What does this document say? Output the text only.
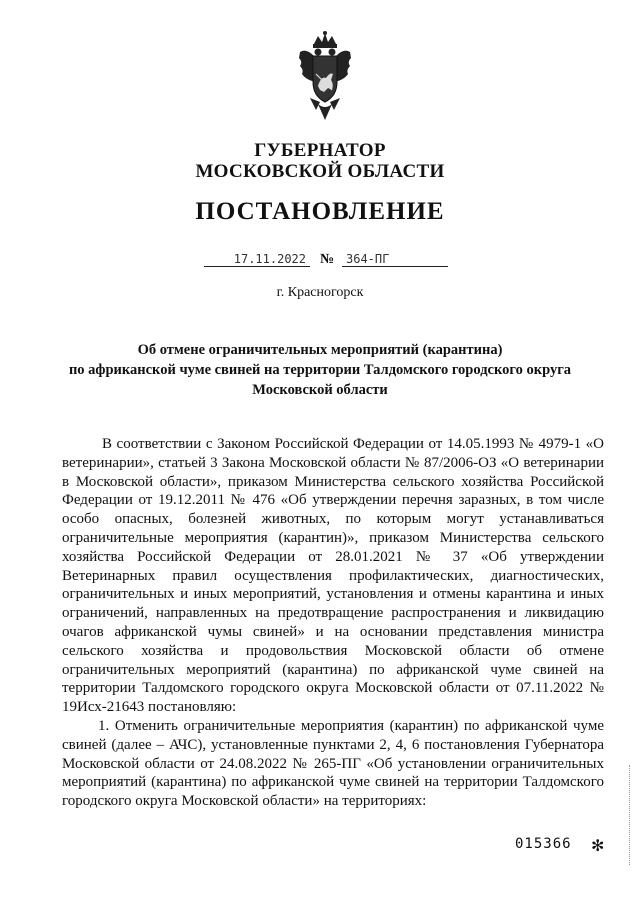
ГУБЕРНАТОР
МОСКОВСКОЙ ОБЛАСТИ
ПОСТАНОВЛЕНИЕ
17.11.2022 № 364-ПГ
г. Красногорск
Об отмене ограничительных мероприятий (карантина)
по африканской чуме свиней на территории Талдомского городского округа
Московской области

В соответствии с Законом Российской Федерации от 14.05.1993 № 4979-1 «О ветеринарии», статьей 3 Закона Московской области № 87/2006-ОЗ «О ветеринарии в Московской области», приказом Министерства сельского хозяйства Российской Федерации от 19.12.2011 № 476 «Об утверждении перечня заразных, в том числе особо опасных, болезней животных, по которым могут устанавливаться ограничительные мероприятия (карантин)», приказом Министерства сельского хозяйства Российской Федерации от 28.01.2021 № 37 «Об утверждении Ветеринарных правил осуществления профилактических, диагностических, ограничительных и иных мероприятий, установления и отмены карантина и иных ограничений, направленных на предотвращение распространения и ликвидацию очагов африканской чумы свиней» и на основании представления министра сельского хозяйства и продовольствия Московской области об отмене ограничительных мероприятий (карантина) по африканской чуме свиней на территории Талдомского городского округа Московской области от 07.11.2022 № 19Исх-21643 постановляю:

1. Отменить ограничительные мероприятия (карантин) по африканской чуме свиней (далее – АЧС), установленные пунктами 2, 4, 6 постановления Губернатора Московской области от 24.08.2022 № 265-ПГ «Об установлении ограничительных мероприятий (карантина) по африканской чуме свиней на территории Талдомского городского округа Московской области» на территориях:

015366 ✻
